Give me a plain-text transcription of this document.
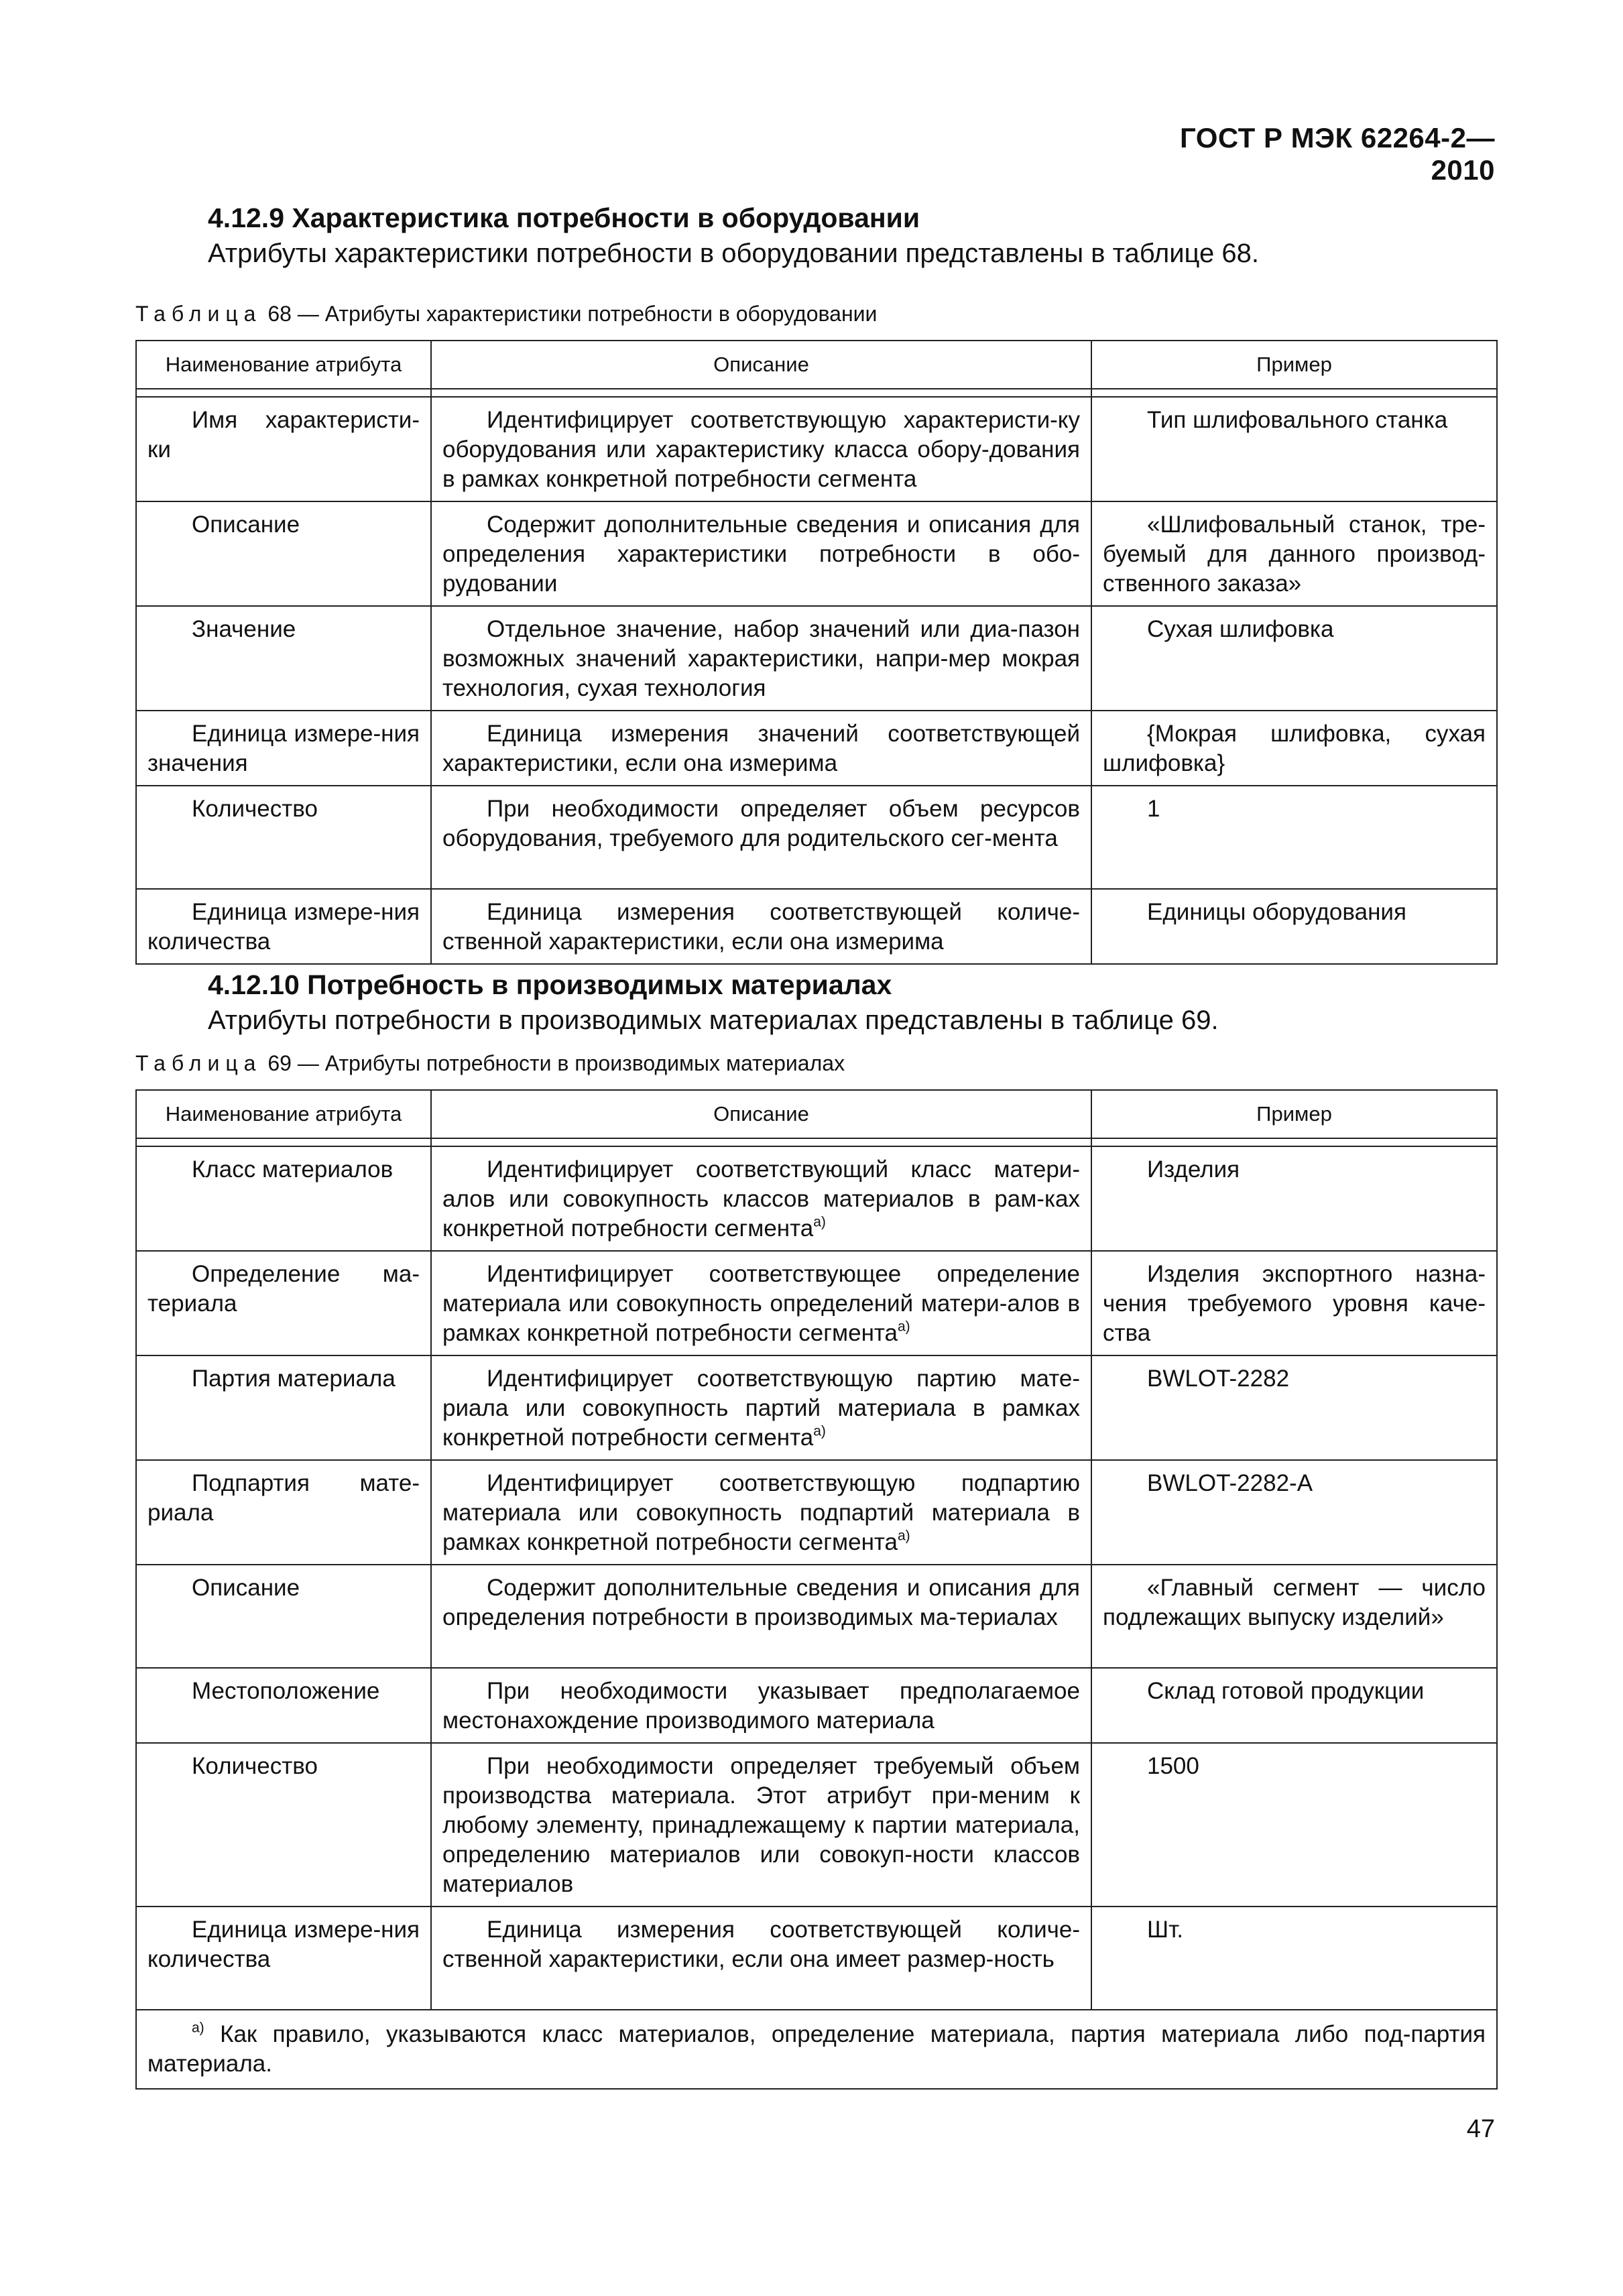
ГОСТ Р МЭК 62264-2—2010
4.12.9 Характеристика потребности в оборудовании
Атрибуты характеристики потребности в оборудовании представлены в таблице 68.
Таблица 68 — Атрибуты характеристики потребности в оборудовании
Наименование атрибута	Описание	Пример

Имя характеристи-ки	Идентифицирует соответствующую характеристи-ку оборудования или характеристику класса обору-дования в рамках конкретной потребности сегмента	Тип шлифовального станка
Описание	Содержит дополнительные сведения и описания для определения характеристики потребности в обо-рудовании	«Шлифовальный станок, тре-буемый для данного производ-ственного заказа»
Значение	Отдельное значение, набор значений или диа-пазон возможных значений характеристики, напри-мер мокрая технология, сухая технология	Сухая шлифовка
Единица измере-ния значения	Единица измерения значений соответствующей характеристики, если она измерима	{Мокрая шлифовка, сухая шлифовка}
Количество	При необходимости определяет объем ресурсов оборудования, требуемого для родительского сег-мента	1
Единица измере-ния количества	Единица измерения соответствующей количе-ственной характеристики, если она измерима	Единицы оборудования
4.12.10 Потребность в производимых материалах
Атрибуты потребности в производимых материалах представлены в таблице 69.
Таблица 69 — Атрибуты потребности в производимых материалах
Наименование атрибута	Описание	Пример

Класс материалов	Идентифицирует соответствующий класс матери-алов или совокупность классов материалов в рам-ках конкретной потребности сегмента$^{а)}$	Изделия
Определение ма-териала	Идентифицирует соответствующее определение материала или совокупность определений матери-алов в рамках конкретной потребности сегмента$^{а)}$	Изделия экспортного назна-чения требуемого уровня каче-ства
Партия материала	Идентифицирует соответствующую партию мате-риала или совокупность партий материала в рамках конкретной потребности сегмента$^{а)}$	BWLOT-2282
Подпартия мате-риала	Идентифицирует соответствующую подпартию материала или совокупность подпартий материала в рамках конкретной потребности сегмента$^{а)}$	BWLOT-2282-A
Описание	Содержит дополнительные сведения и описания для определения потребности в производимых ма-териалах	«Главный сегмент — число подлежащих выпуску изделий»
Местоположение	При необходимости указывает предполагаемое местонахождение производимого материала	Склад готовой продукции
Количество	При необходимости определяет требуемый объем производства материала. Этот атрибут при-меним к любому элементу, принадлежащему к партии материала, определению материалов или совокуп-ности классов материалов	1500
Единица измере-ния количества	Единица измерения соответствующей количе-ственной характеристики, если она имеет размер-ность	Шт.
$^{а)}$ Как правило, указываются класс материалов, определение материала, партия материала либо под-партия материала.		
47
